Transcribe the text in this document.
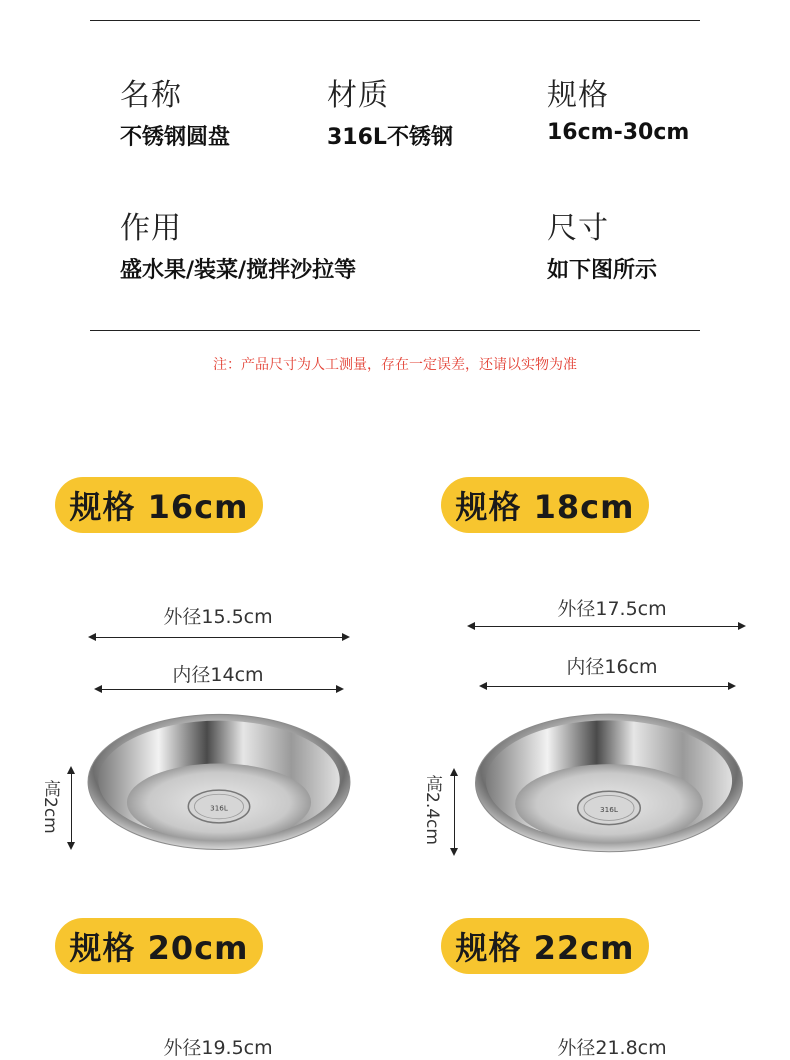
名称
不锈钢圆盘
材质
316L不锈钢
规格
16cm-30cm
作用
盛水果/装菜/搅拌沙拉等
尺寸
如下图所示
注：产品尺寸为人工测量，存在一定误差，还请以实物为准
规格 16cm	规格 18cm
外径15.5cm
内径14cm
高2cm	316L
外径17.5cm
内径16cm
高2.4cm	316L
规格 20cm	规格 22cm
外径19.5cm	外径21.8cm
